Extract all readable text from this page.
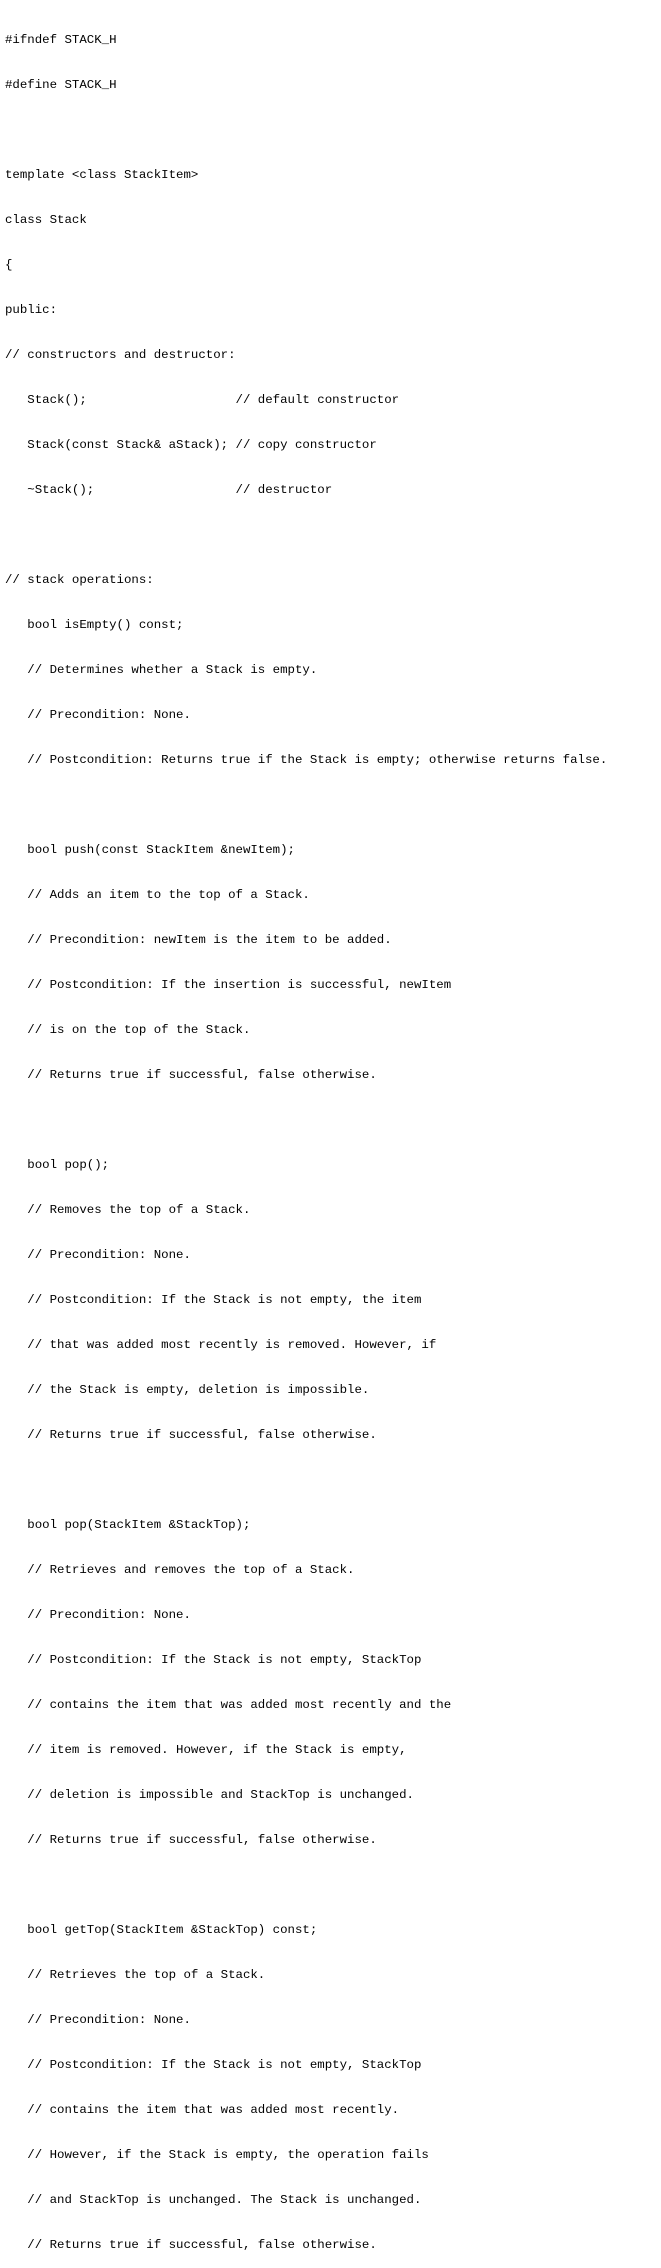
#ifndef STACK_H

#define STACK_H

template <class StackItem>

class Stack

{

public:

// constructors and destructor:

Stack();                    // default constructor

Stack(const Stack& aStack); // copy constructor

~Stack();                   // destructor

// stack operations:

bool isEmpty() const;

// Determines whether a Stack is empty.

// Precondition: None.

// Postcondition: Returns true if the Stack is empty; otherwise returns false.

bool push(const StackItem &newItem);

// Adds an item to the top of a Stack.

// Precondition: newItem is the item to be added.

// Postcondition: If the insertion is successful, newItem

// is on the top of the Stack.

// Returns true if successful, false otherwise.

bool pop();

// Removes the top of a Stack.

// Precondition: None.

// Postcondition: If the Stack is not empty, the item

// that was added most recently is removed. However, if

// the Stack is empty, deletion is impossible.

// Returns true if successful, false otherwise.

bool pop(StackItem &StackTop);

// Retrieves and removes the top of a Stack.

// Precondition: None.

// Postcondition: If the Stack is not empty, StackTop

// contains the item that was added most recently and the

// item is removed. However, if the Stack is empty,

// deletion is impossible and StackTop is unchanged.

// Returns true if successful, false otherwise.

bool getTop(StackItem &StackTop) const;

// Retrieves the top of a Stack.

// Precondition: None.

// Postcondition: If the Stack is not empty, StackTop

// contains the item that was added most recently.

// However, if the Stack is empty, the operation fails

// and StackTop is unchanged. The Stack is unchanged.

// Returns true if successful, false otherwise.
